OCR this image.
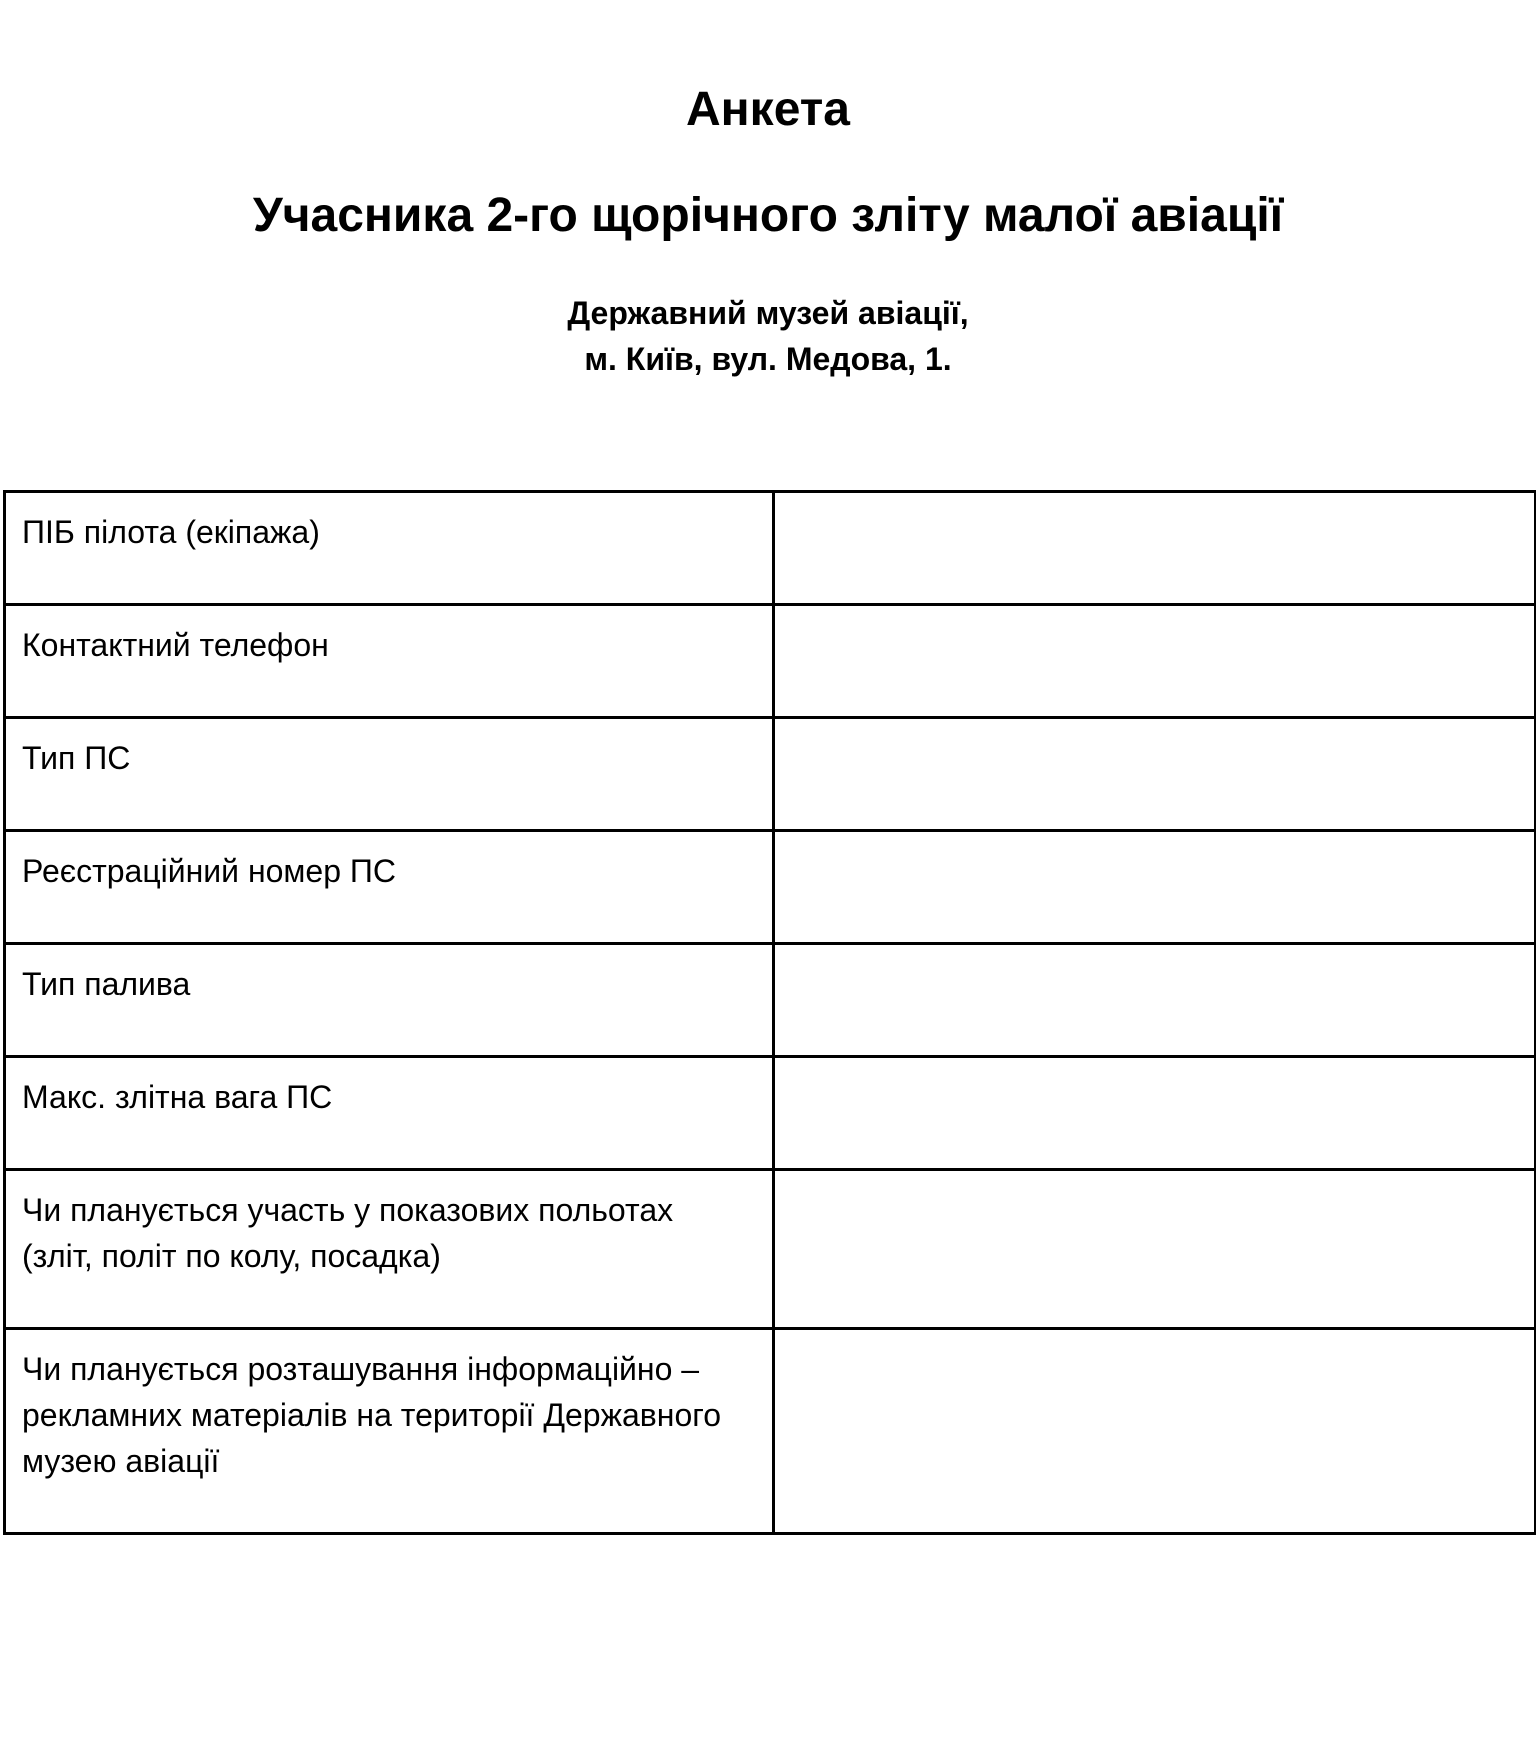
Анкета
Учасника 2-го щорічного зліту малої авіації
Державний музей авіації,
м. Київ, вул. Медова, 1.
ПІБ пілота (екіпажа)	
Контактний телефон	
Тип ПС	
Реєстраційний номер ПС	
Тип палива	
Макс. злітна вага ПС	
Чи планується участь у показових польотах
(зліт, політ по колу, посадка)	
Чи планується розташування інформаційно –
рекламних матеріалів на території Державного
музею авіації	
